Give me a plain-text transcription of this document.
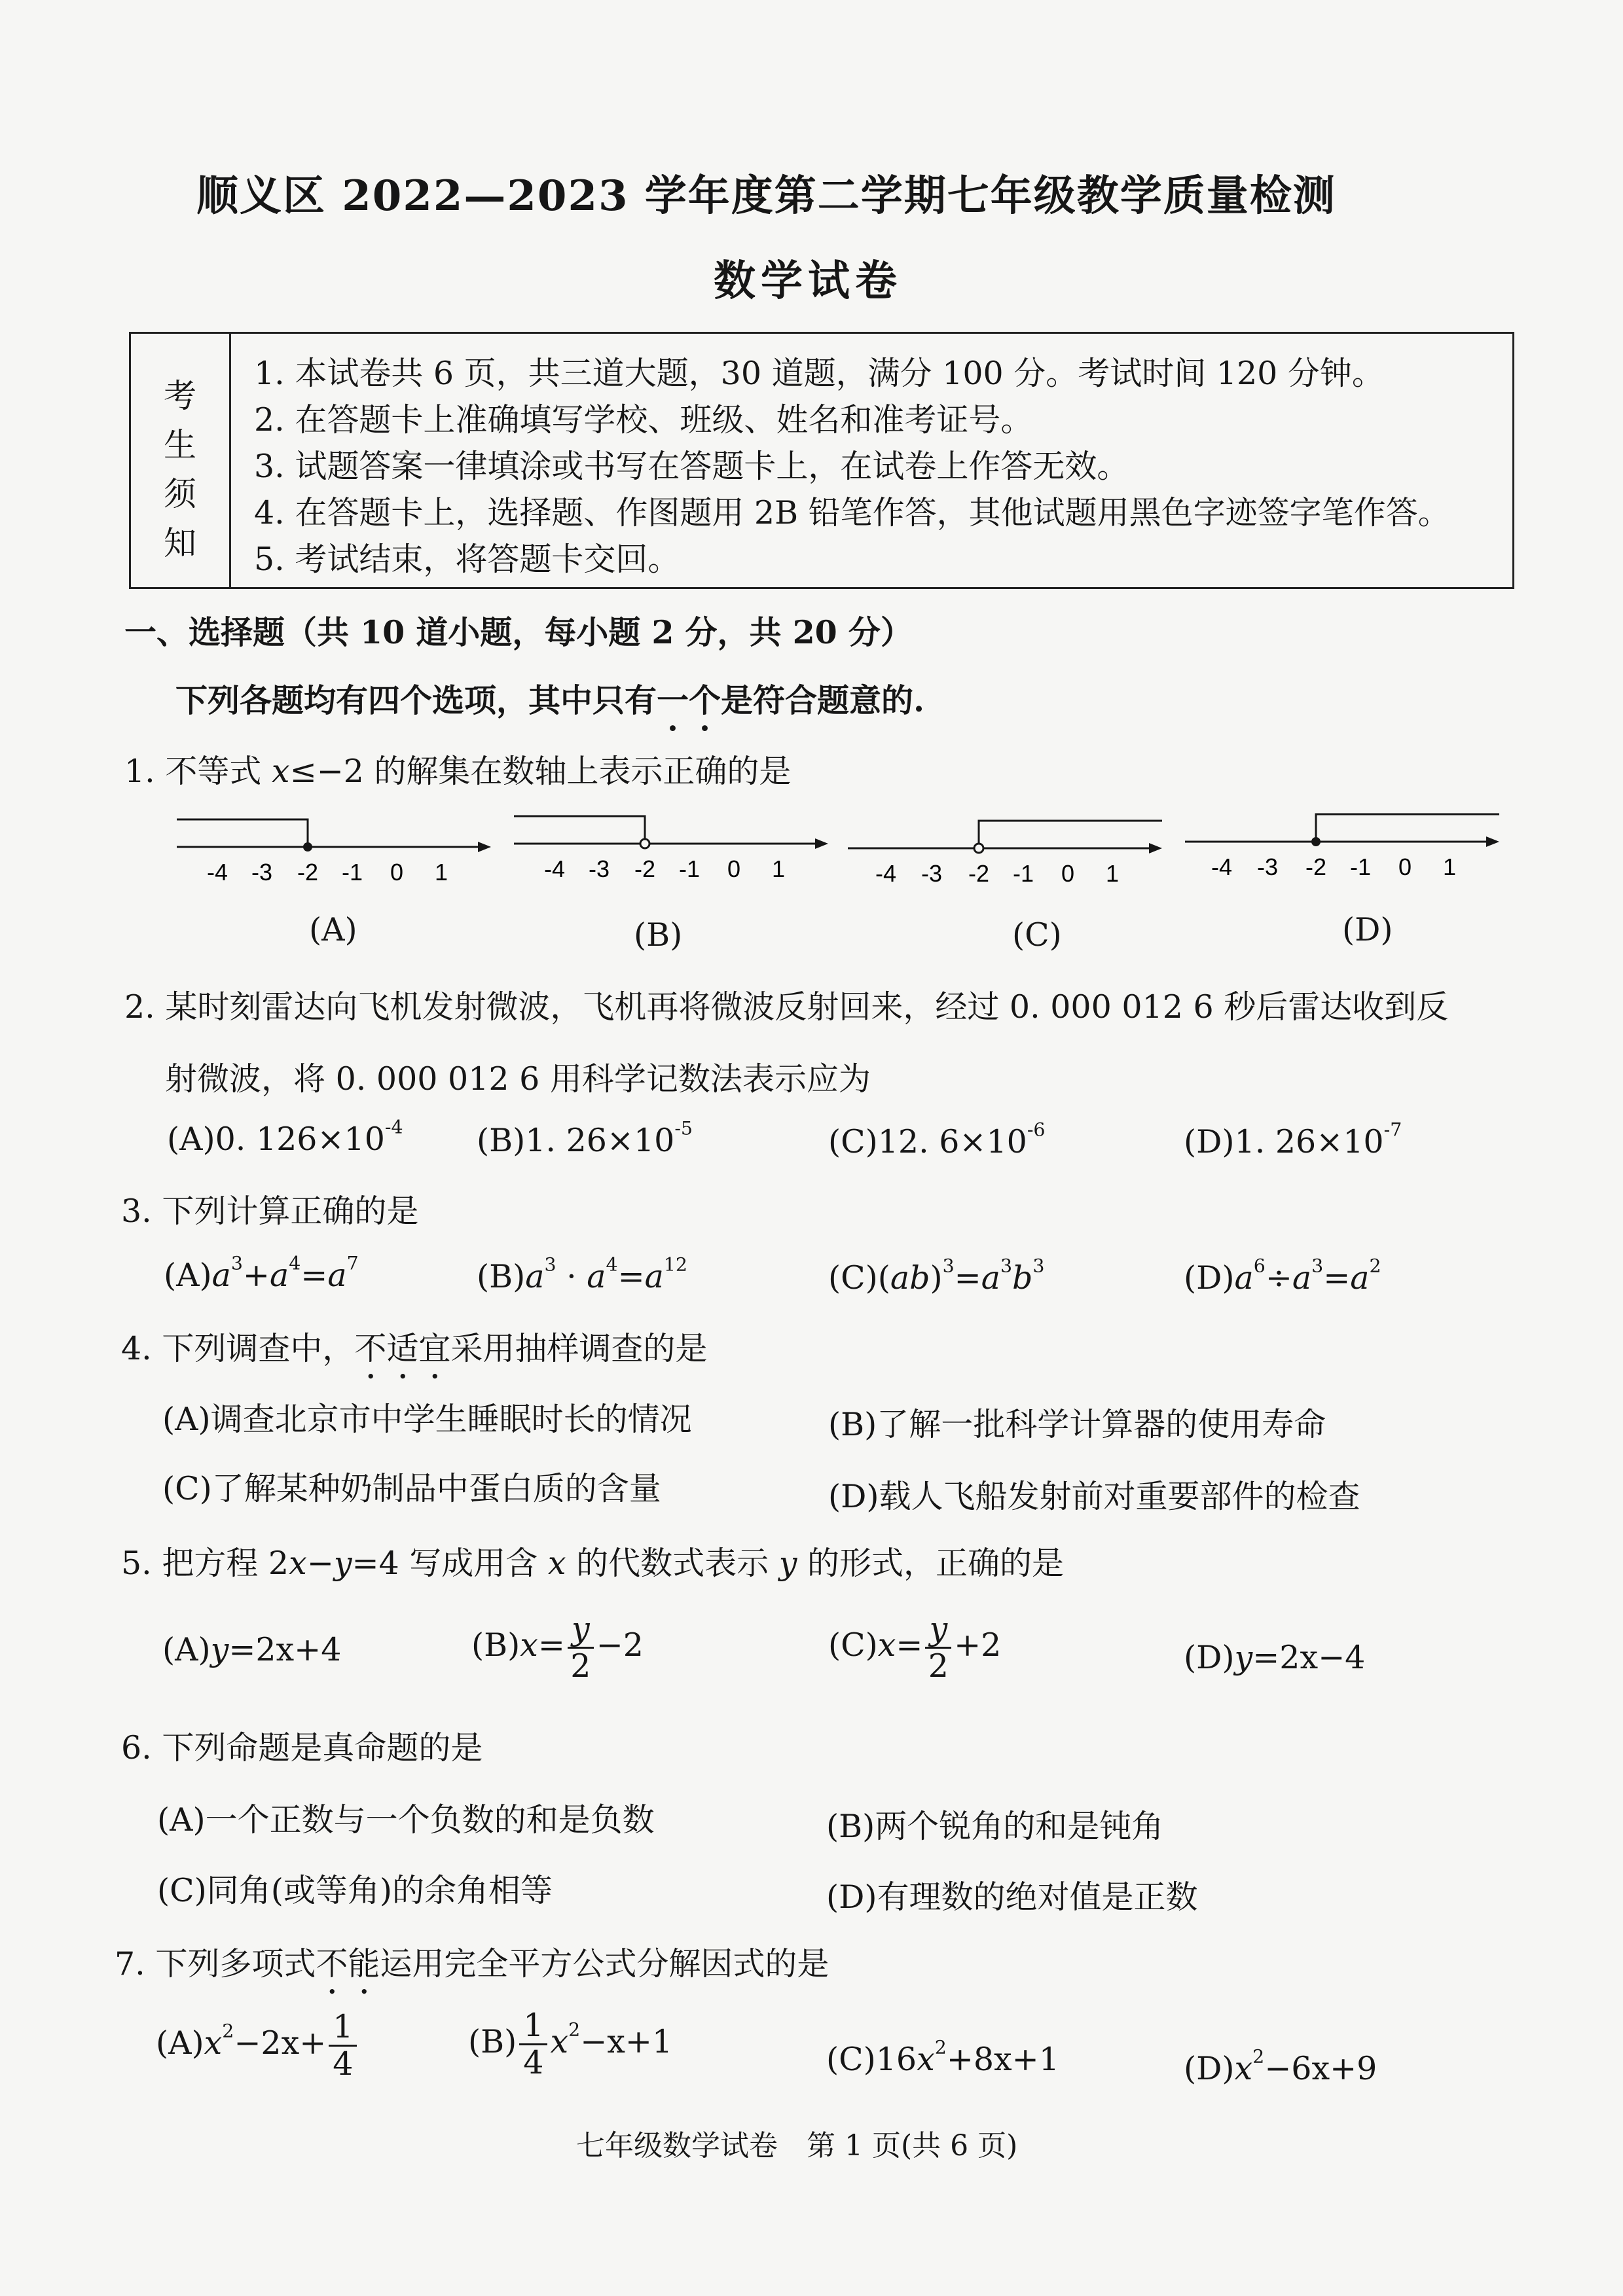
顺义区 2022—2023 学年度第二学期七年级教学质量检测
数学试卷
考
生
须
知
1. 本试卷共 6 页，共三道大题，30 道题，满分 100 分。考试时间 120 分钟。
2. 在答题卡上准确填写学校、班级、姓名和准考证号。
3. 试题答案一律填涂或书写在答题卡上，在试卷上作答无效。
4. 在答题卡上，选择题、作图题用 2B 铅笔作答，其他试题用黑色字迹签字笔作答。
5. 考试结束，将答题卡交回。
一、选择题（共 10 道小题，每小题 2 分，共 20 分）
下列各题均有四个选项，其中只有一个是符合题意的.
1. 不等式 x≤−2 的解集在数轴上表示正确的是
-4 -3 -2 -1 0 1	-4 -3 -2 -1 0 1	-4 -3 -2 -1 0 1	-4 -3 -2 -1 0 1
(A)	(B)	(C)	(D)
2. 某时刻雷达向飞机发射微波，飞机再将微波反射回来，经过 0. 000 012 6 秒后雷达收到反
射微波，将 0. 000 012 6 用科学记数法表示应为
(A)0. $126\times 10^{-4}$ (B)1. $26\times 10^{-5}$	(C)12. $6\times 10^{-6}$	(D)1. $26\times 10^{-7}$
3. 下列计算正确的是
$(A)a^3+a^4=a^7$	$(B)a^3 \cdot a^4=a^{12}$	$(C)(ab)^3=a^3b^3$	$(D)a^6\div a^3=a^2$
4. 下列调查中，不适宜采用抽样调查的是
(A)调查北京市中学生睡眠时长的情况	(B)了解一批科学计算器的使用寿命
(C)了解某种奶制品中蛋白质的含量	(D)载人飞船发射前对重要部件的检查
5. 把方程 2x−y=4 写成用含 x 的代数式表示 y 的形式，正确的是
(A)y=2x+4	$(B)x= \frac{y}{2} -2$	$(C)x= \frac{y}{2} +2$	(D)y=2x−4
6. 下列命题是真命题的是
(A)一个正数与一个负数的和是负数	(B)两个锐角的和是钝角
(C)同角(或等角)的余角相等	(D)有理数的绝对值是正数
7. 下列多项式不能运用完全平方公式分解因式的是
$(A)x^2-2x+ \frac{1}{4}$	$(B) \frac{1}{4} x^2-x+1$	$(C)16x^2+8x+1$	$(D)x^2-6x+9$
七年级数学试卷　第 1 页(共 6 页)
